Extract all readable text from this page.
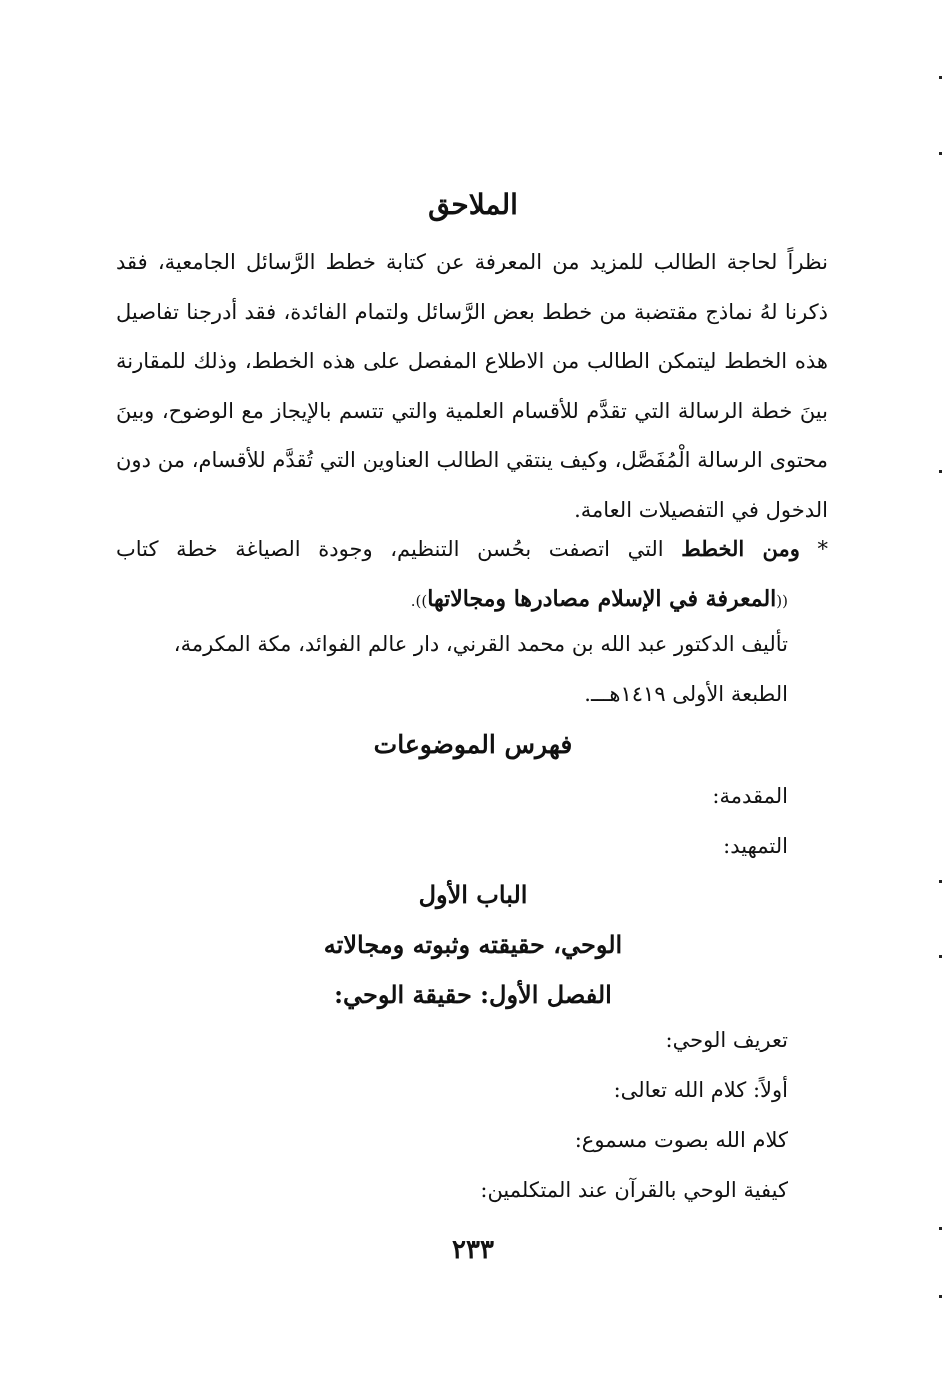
الملاحق
نظراً لحاجة الطالب للمزيد من المعرفة عن كتابة خطط الرَّسائل الجامعية، فقد ذكرنا لهُ نماذج مقتضبة من خطط بعض الرَّسائل ولتمام الفائدة، فقد أدرجنا تفاصيل هذه الخطط ليتمكن الطالب من الاطلاع المفصل على هذه الخطط، وذلك للمقارنة بينَ خطة الرسالة التي تقدَّم للأقسام العلمية والتي تتسم بالإيجاز مع الوضوح، وبينَ محتوى الرسالة الْمُفَصَّل، وكيف ينتقي الطالب العناوين التي تُقدَّم للأقسام، من دون الدخول في التفصيلات العامة.
* ومن الخطط التي اتصفت بحُسن التنظيم، وجودة الصياغة خطة كتاب
((المعرفة في الإسلام مصادرها ومجالاتها)).
تأليف الدكتور عبد الله بن محمد القرني، دار عالم الفوائد، مكة المكرمة،
الطبعة الأولى ١٤١٩هـــ.
فهرس الموضوعات
المقدمة:
التمهيد:
الباب الأول
الوحي، حقيقته وثبوته ومجالاته
الفصل الأول: حقيقة الوحي:
تعريف الوحي:
أولاً: كلام الله تعالى:
كلام الله بصوت مسموع:
كيفية الوحي بالقرآن عند المتكلمين:
٢٣٣
